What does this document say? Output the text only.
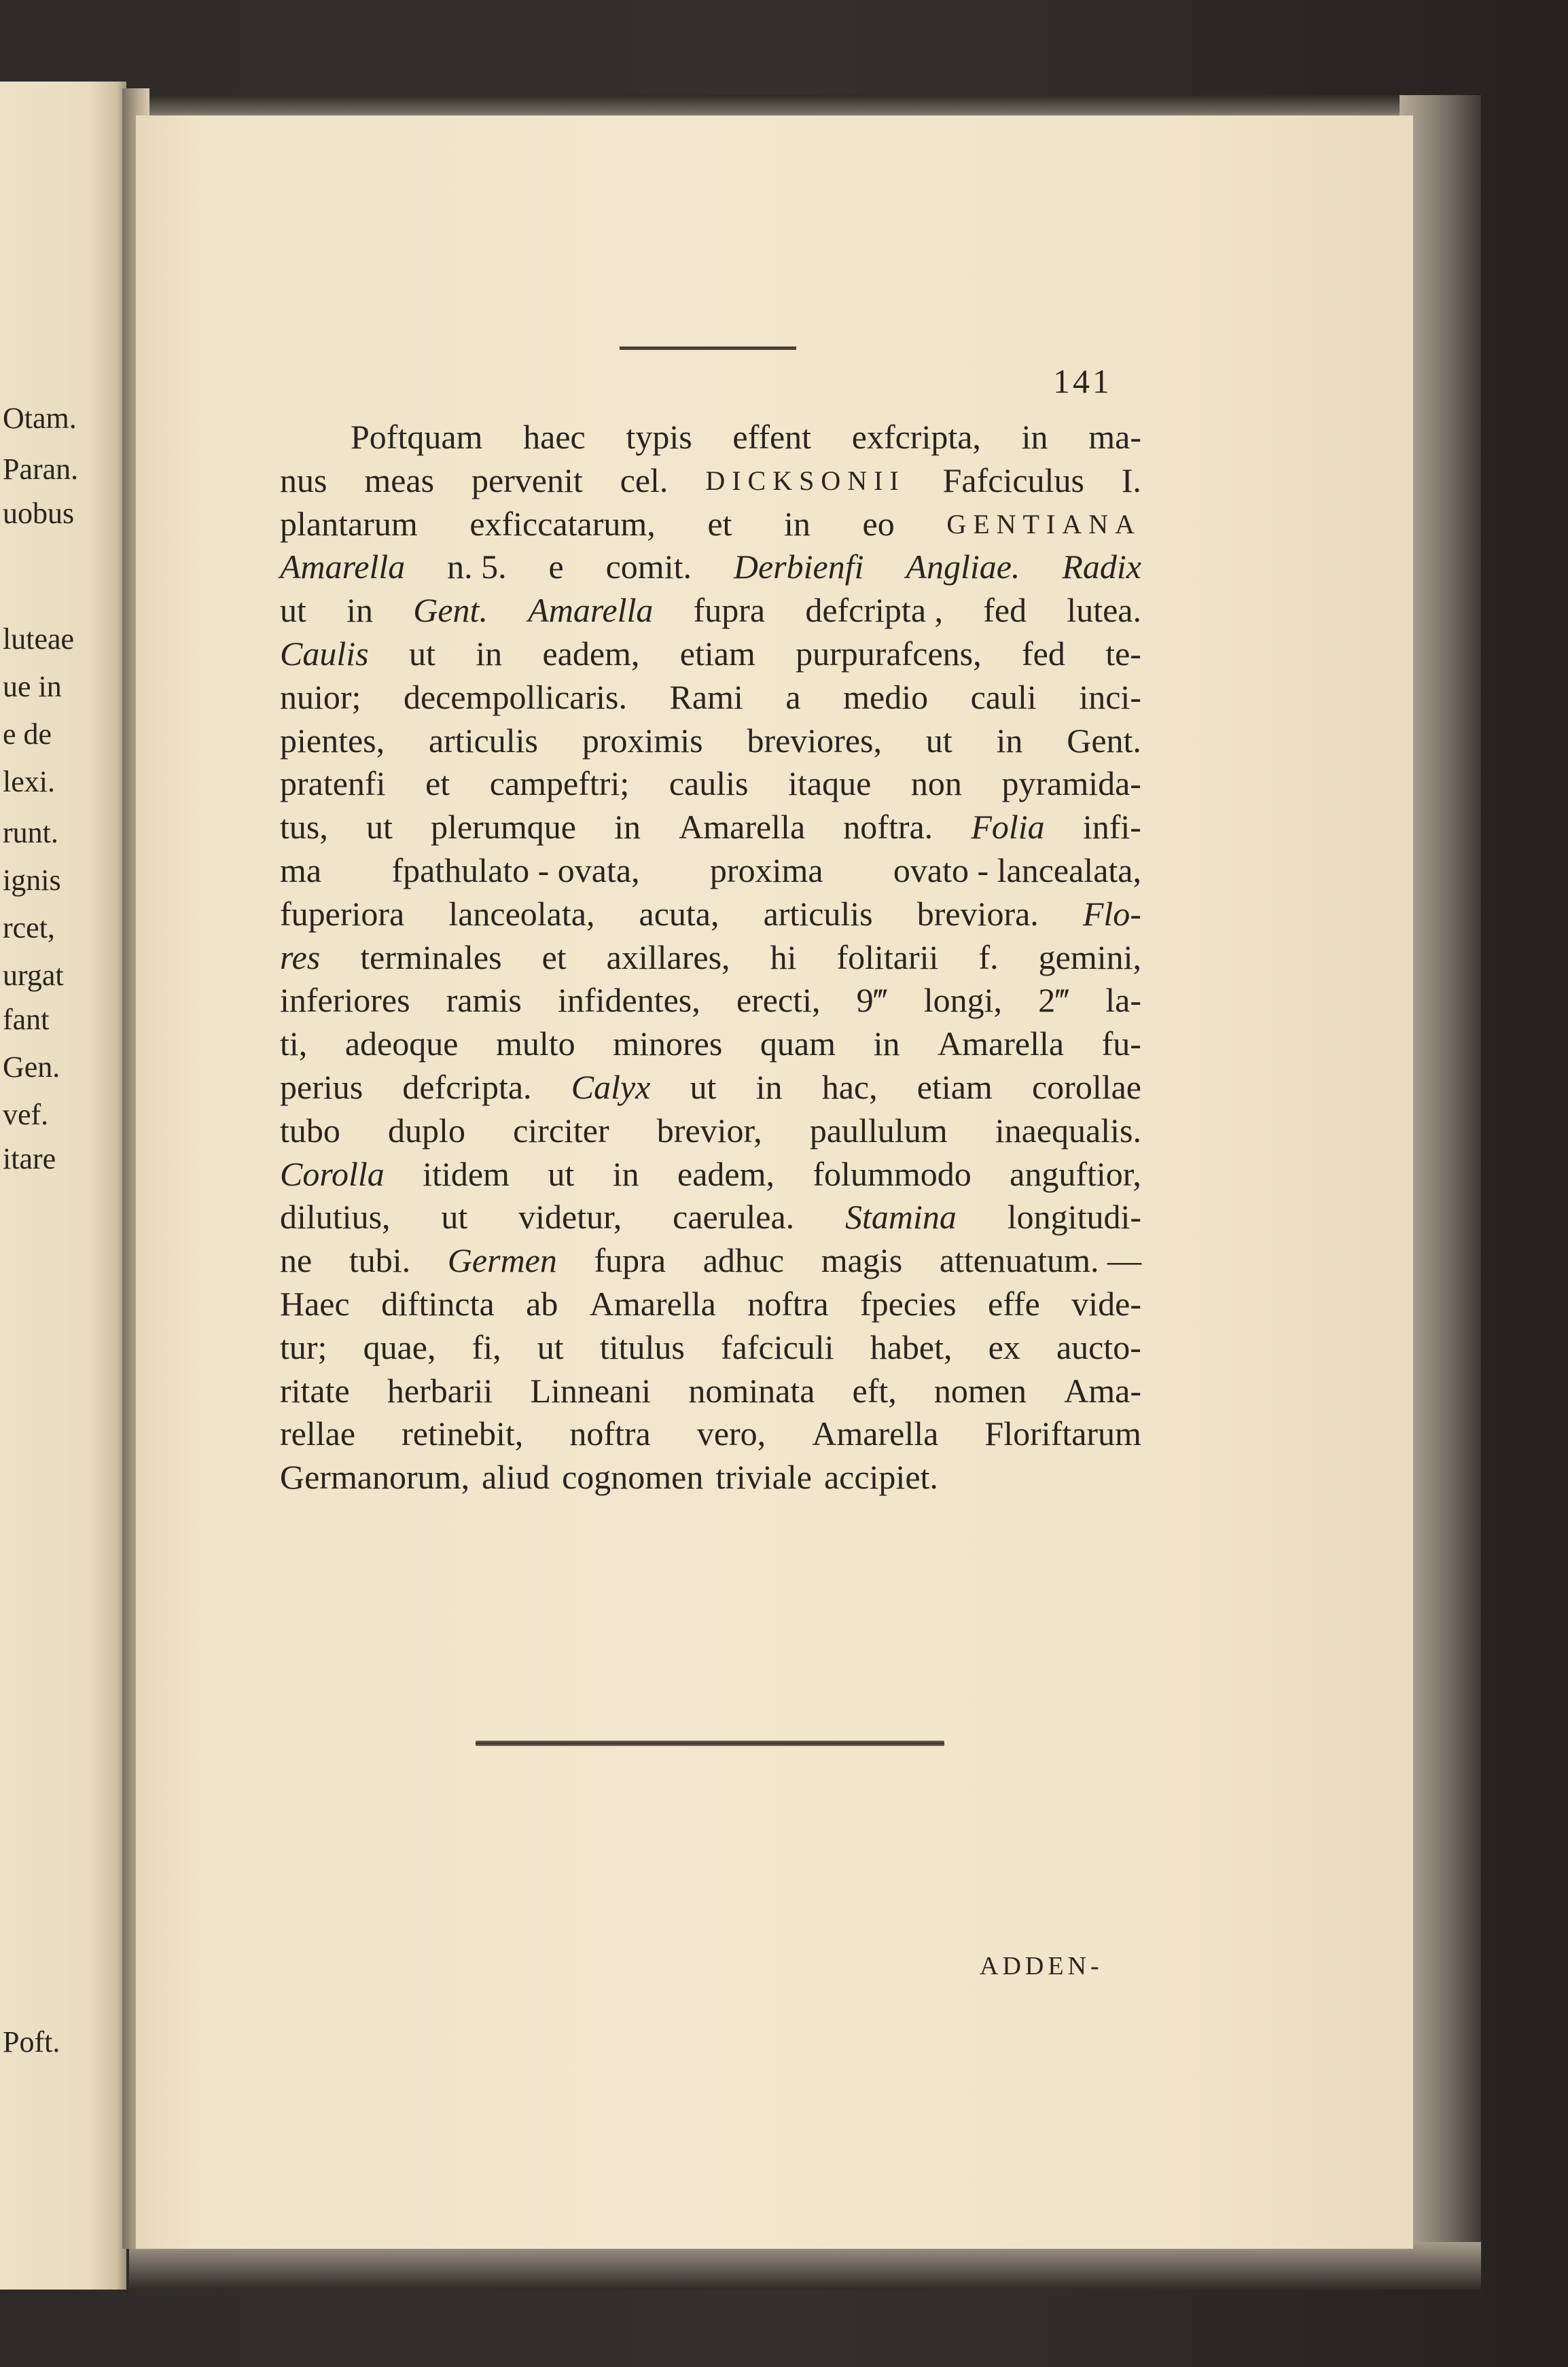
Otam.
Paran.
uobus
luteae
ue in
e de
lexi.
runt.
ignis
rcet,
urgat
fant
Gen.
vef.
itare
Poft.
141
Poftquam haec typis effent exfcripta, in ma-
nus meas pervenit cel. DICKSONII Fafciculus I.
plantarum exficcatarum, et in eo GENTIANA
Amarella n. 5. e comit. Derbienfi Angliae. Radix
ut in Gent. Amarella fupra defcripta , fed lutea.
Caulis ut in eadem, etiam purpurafcens, fed te-
nuior; decempollicaris. Rami a medio cauli inci-
pientes, articulis proximis breviores, ut in Gent.
pratenfi et campeftri; caulis itaque non pyramida-
tus, ut plerumque in Amarella noftra. Folia infi-
ma fpathulato - ovata, proxima ovato - lancealata,
fuperiora lanceolata, acuta, articulis breviora. Flo-
res terminales et axillares, hi folitarii f. gemini,
inferiores ramis infidentes, erecti, 9‴ longi, 2‴ la-
ti, adeoque multo minores quam in Amarella fu-
perius defcripta. Calyx ut in hac, etiam corollae
tubo duplo circiter brevior, paullulum inaequalis.
Corolla itidem ut in eadem, folummodo anguftior,
dilutius, ut videtur, caerulea. Stamina longitudi-
ne tubi. Germen fupra adhuc magis attenuatum. —
Haec diftincta ab Amarella noftra fpecies effe vide-
tur; quae, fi, ut titulus fafciculi habet, ex aucto-
ritate herbarii Linneani nominata eft, nomen Ama-
rellae retinebit, noftra vero, Amarella Floriftarum
Germanorum, aliud cognomen triviale accipiet.
ADDEN-
